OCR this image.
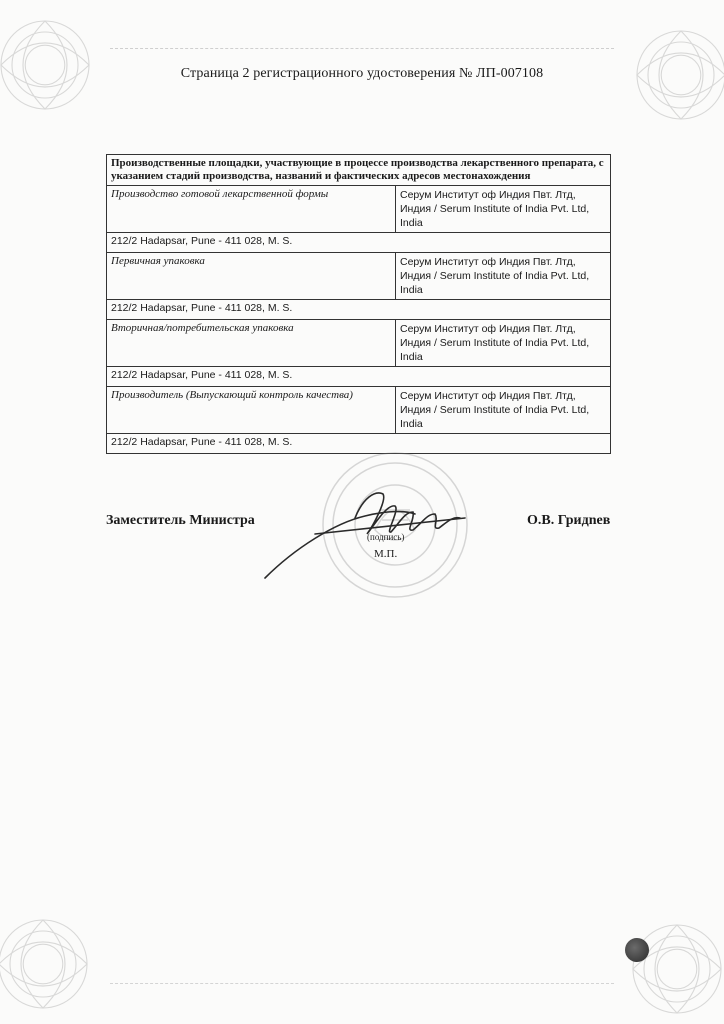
Страница 2 регистрационного удостоверения № ЛП-007108
Производственные площадки, участвующие в процессе производства лекарственного препарата, с указанием стадий производства, названий и фактических адресов местонахождения	
Производство готовой лекарственной формы	Серум Институт оф Индия Пвт. Лтд, Индия / Serum Institute of India Pvt. Ltd, India
212/2 Hadapsar, Pune - 411 028, M. S.	
Первичная упаковка	Серум Институт оф Индия Пвт. Лтд, Индия / Serum Institute of India Pvt. Ltd, India
212/2 Hadapsar, Pune - 411 028, M. S.	
Вторичная/потребительская упаковка	Серум Институт оф Индия Пвт. Лтд, Индия / Serum Institute of India Pvt. Ltd, India
212/2 Hadapsar, Pune - 411 028, M. S.	
Производитель (Выпускающий контроль качества)	Серум Институт оф Индия Пвт. Лтд, Индия / Serum Institute of India Pvt. Ltd, India
212/2 Hadapsar, Pune - 411 028, M. S.	
Заместитель Министра
(подпись)
М.П.
О.В. Гридnев
